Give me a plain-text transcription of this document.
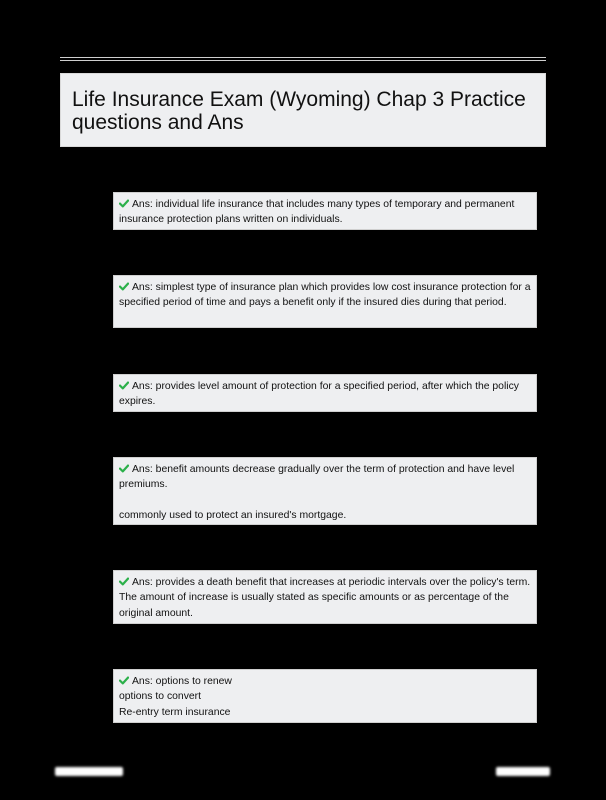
Life Insurance Exam (Wyoming) Chap 3 Practice questions and Ans
Ans: individual life insurance that includes many types of temporary and permanent insurance protection plans written on individuals.
Ans: simplest type of insurance plan which provides low cost insurance protection for a specified period of time and pays a benefit only if the insured dies during that period.
Ans: provides level amount of protection for a specified period, after which the policy expires.
Ans: benefit amounts decrease gradually over the term of protection and have level premiums.
commonly used to protect an insured's mortgage.
Ans: provides a death benefit that increases at periodic intervals over the policy's term. The amount of increase is usually stated as specific amounts or as percentage of the original amount.
Ans: options to renew
options to convert
Re-entry term insurance
